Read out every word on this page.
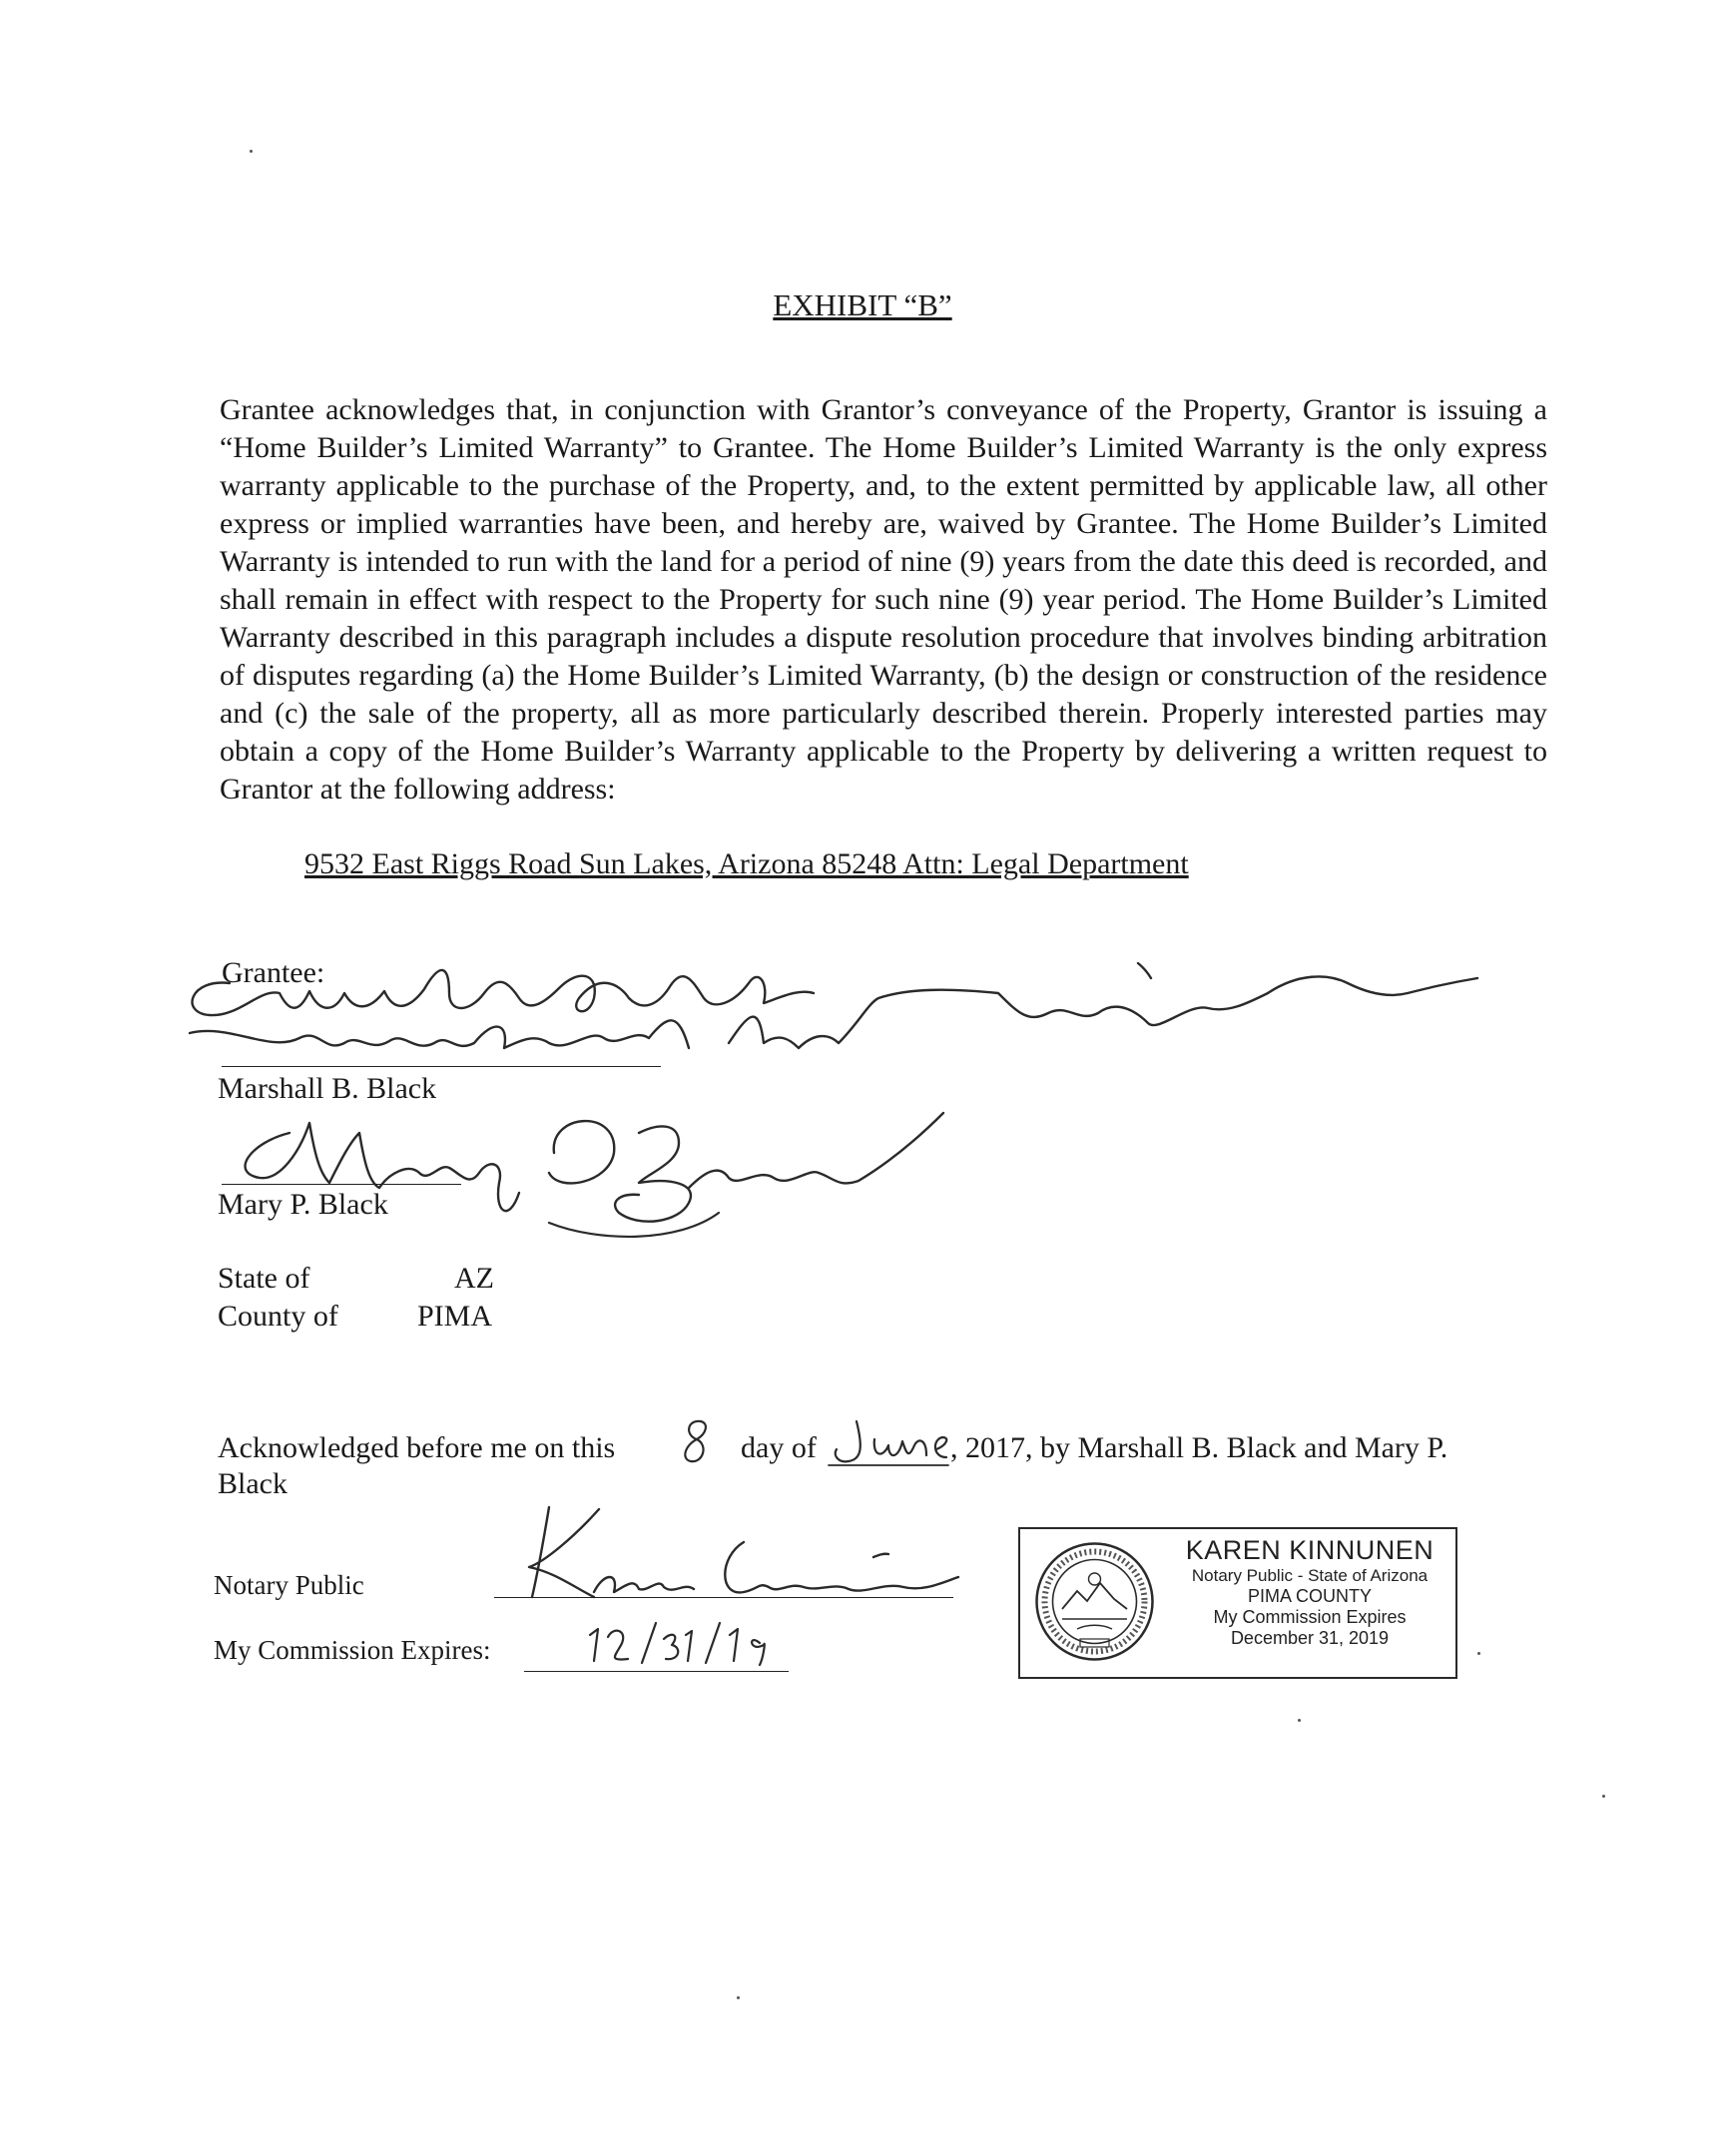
EXHIBIT “B”

Grantee acknowledges that, in conjunction with Grantor’s conveyance of the Property, Grantor is issuing a “Home Builder’s Limited Warranty” to Grantee. The Home Builder’s Limited Warranty is the only express warranty applicable to the purchase of the Property, and, to the extent permitted by applicable law, all other express or implied warranties have been, and hereby are, waived by Grantee. The Home Builder’s Limited Warranty is intended to run with the land for a period of nine (9) years from the date this deed is recorded, and shall remain in effect with respect to the Property for such nine (9) year period. The Home Builder’s Limited Warranty described in this paragraph includes a dispute resolution procedure that involves binding arbitration of disputes regarding (a) the Home Builder’s Limited Warranty, (b) the design or construction of the residence and (c) the sale of the property, all as more particularly described therein. Properly interested parties may obtain a copy of the Home Builder’s Warranty applicable to the Property by delivering a written request to Grantor at the following address:

9532 East Riggs Road Sun Lakes, Arizona 85248 Attn: Legal Department
Grantee:
Marshall B. Black
Mary P. Black
State of	AZ
County of	PIMA
Acknowledged before me on this	day of	, 2017, by Marshall B. Black and Mary P.
Black
Notary Public
My Commission Expires:
KAREN KINNUNEN
Notary Public - State of Arizona
PIMA COUNTY
My Commission Expires
December 31, 2019
